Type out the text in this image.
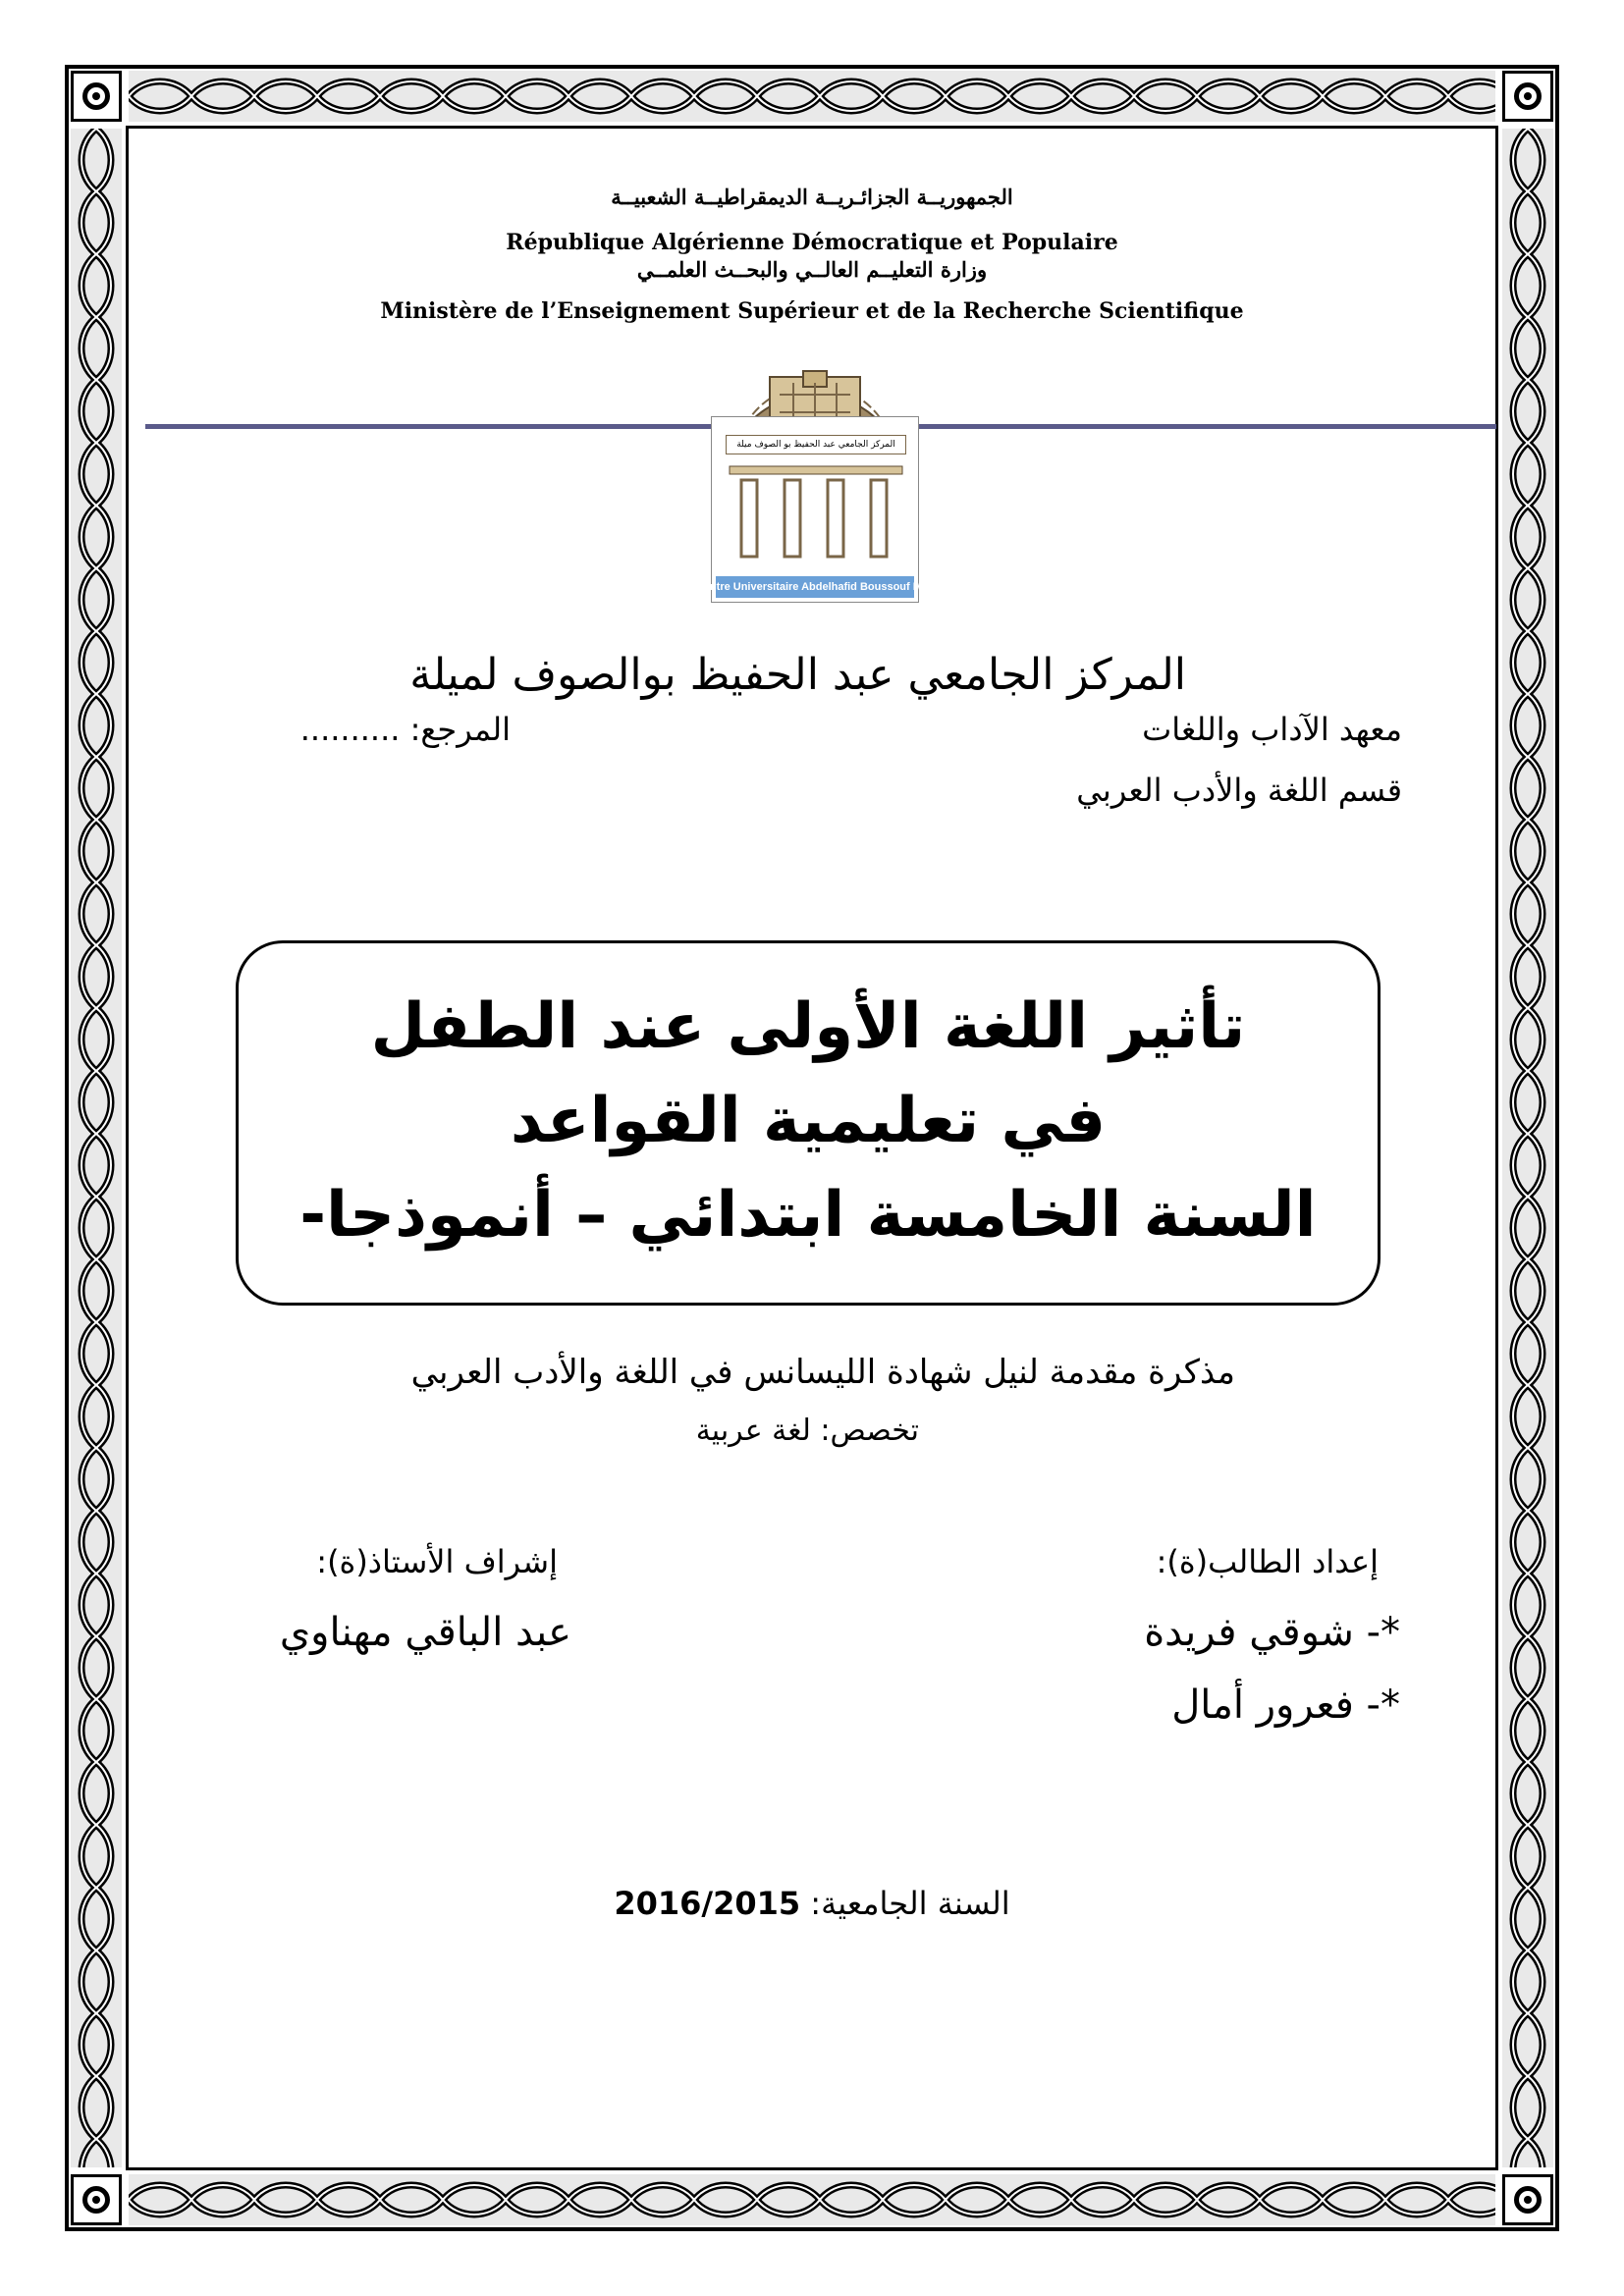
الجمهوريــة الجزائـريــة الديمقراطيــة الشعبيــة
République Algérienne Démocratique et Populaire
وزارة التعليــم العالــي والبحــث العلمــي
Ministère de l’Enseignement Supérieur et de la Recherche Scientifique
المركز الجامعي عبد الحفيظ بو الصوف ميلة
Centre Universitaire Abdelhafid Boussouf Mila
المركز الجامعي عبد الحفيظ بوالصوف لميلة
معهد الآداب واللغات
المرجع: ..........
قسم اللغة والأدب العربي
تأثير اللغة الأولى عند الطفل
في تعليمية القواعد
السنة الخامسة ابتدائي – أنموذجا-
مذكرة مقدمة لنيل شهادة الليسانس في اللغة والأدب العربي
تخصص: لغة عربية
إعداد الطالب(ة):
*- شوقي فريدة
*- فعرور أمال
إشراف الأستاذ(ة):
عبد الباقي مهناوي
السنة الجامعية: 2016/2015
